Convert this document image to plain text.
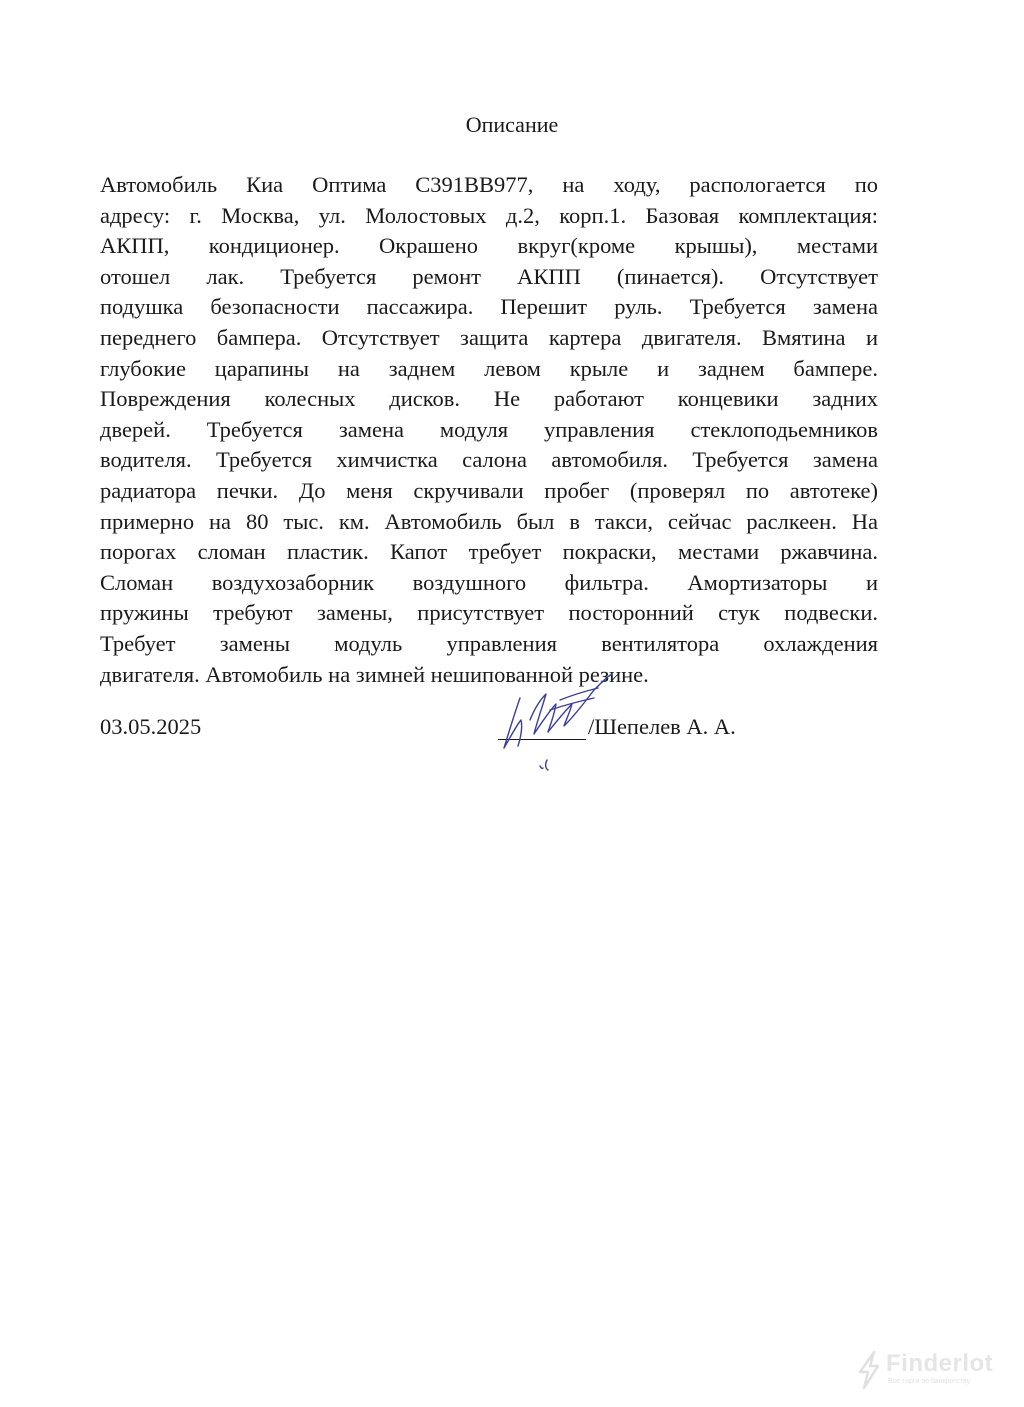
Описание
Автомобиль Киа Оптима С391ВВ977, на ходу, распологается по
адресу: г. Москва, ул. Молостовых д.2, корп.1. Базовая комплектация:
АКПП, кондиционер. Окрашено вкруг(кроме крышы), местами
отошел лак. Требуется ремонт АКПП (пинается). Отсутствует
подушка безопасности пассажира. Перешит руль. Требуется замена
переднего бампера. Отсутствует защита картера двигателя. Вмятина и
глубокие царапины на заднем левом крыле и заднем бампере.
Повреждения колесных дисков. Не работают концевики задних
дверей. Требуется замена модуля управления стеклоподьемников
водителя. Требуется химчистка салона автомобиля. Требуется замена
радиатора печки. До меня скручивали пробег (проверял по автотеке)
примерно на 80 тыс. км. Автомобиль был в такси, сейчас раслкеен. На
порогах сломан пластик. Капот требует покраски, местами ржавчина.
Сломан воздухозаборник воздушного фильтра. Амортизаторы и
пружины требуют замены, присутствует посторонний стук подвески.
Требует замены модуль управления вентилятора охлаждения
двигателя. Автомобиль на зимней нешипованной резине.
03.05.2025	/Шепелев А. А.
Finderlot
Все торги по банкротству
